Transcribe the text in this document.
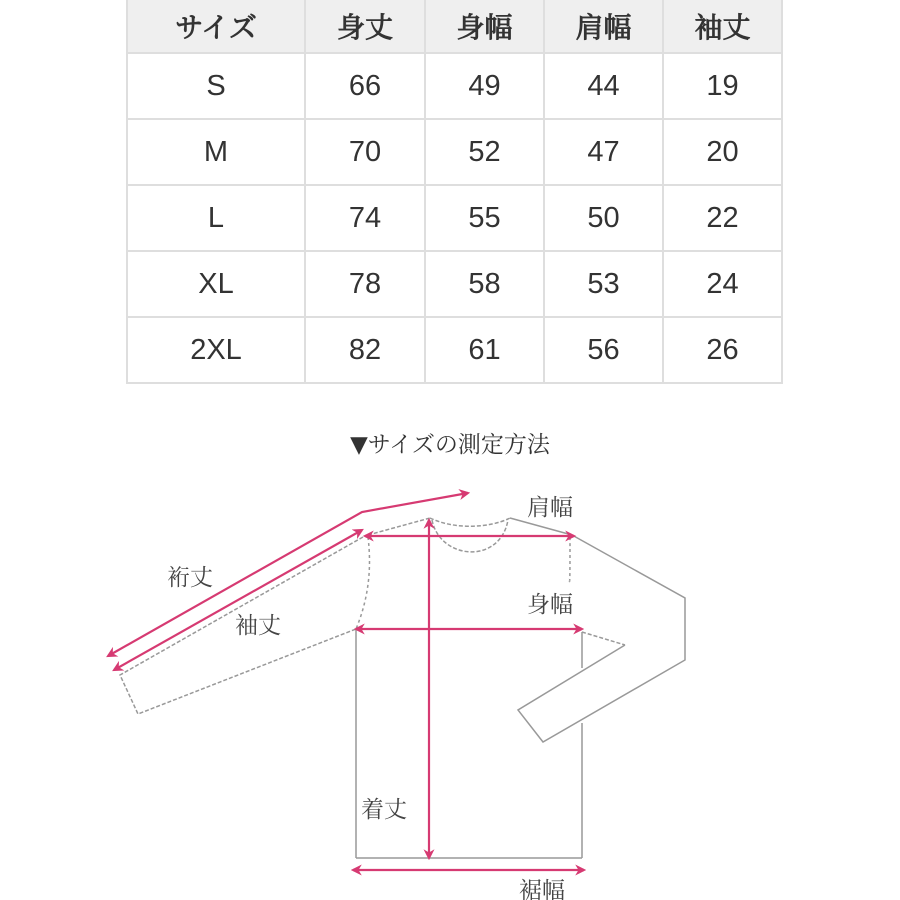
サイズ	身丈	身幅	肩幅	袖丈
S	66	49	44	19
M	70	52	47	20
L	74	55	50	22
XL	78	58	53	24
2XL	82	61	56	26
▼サイズの測定方法
裄丈
袖丈
肩幅
身幅
着丈
裾幅
